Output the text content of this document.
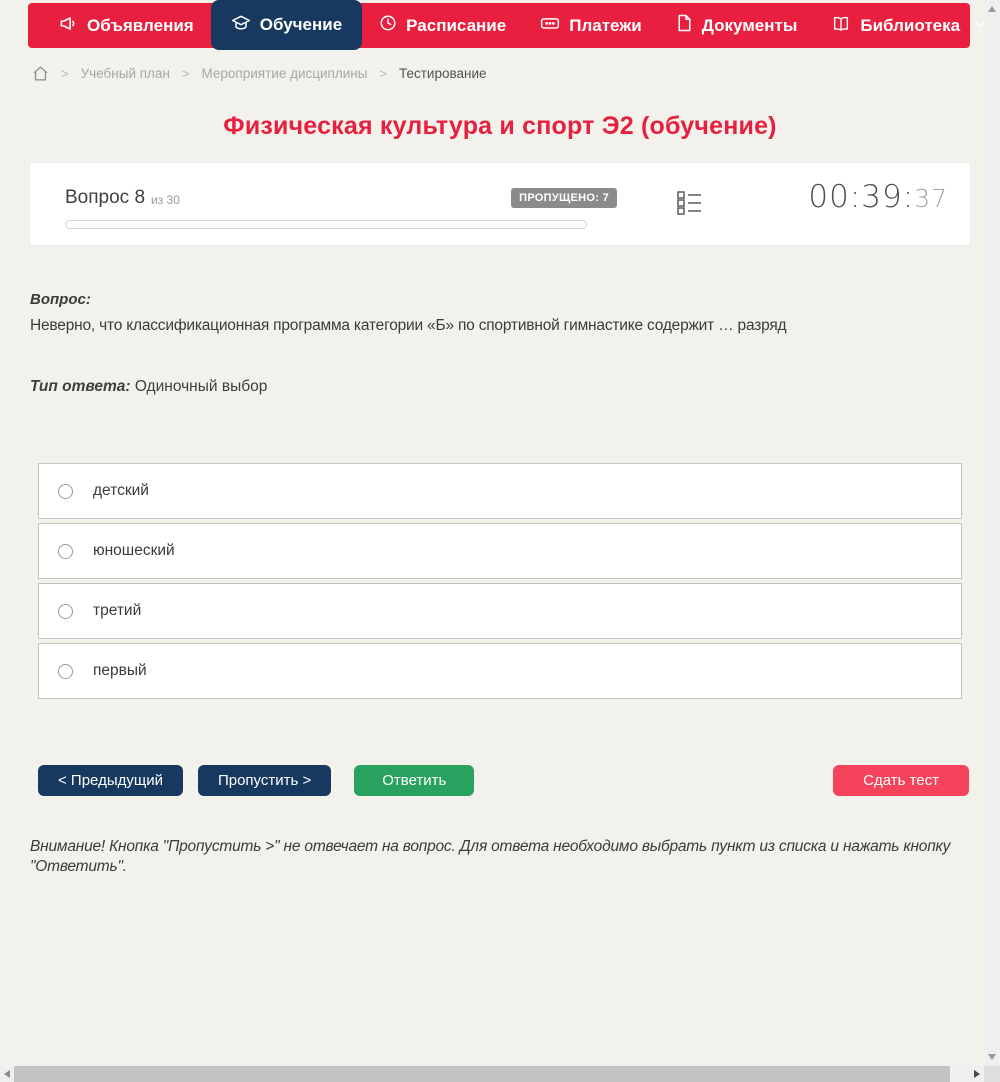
Объявления	Обучение	Расписание	Платежи	Документы	Библиотека
> Учебный план > Мероприятие дисциплины > Тестирование
Физическая культура и спорт Э2 (обучение)
Вопрос 8 из 30	ПРОПУЩЕНО: 7	00:39:37
Вопрос:
Неверно, что классификационная программа категории «Б» по спортивной гимнастике содержит … разряд
Тип ответа: Одиночный выбор
детский
юношеский
третий
первый
< Предыдущий	Пропустить >	Ответить	Сдать тест
Внимание! Кнопка "Пропустить >" не отвечает на вопрос. Для ответа необходимо выбрать пункт из списка и нажать кнопку "Ответить".
